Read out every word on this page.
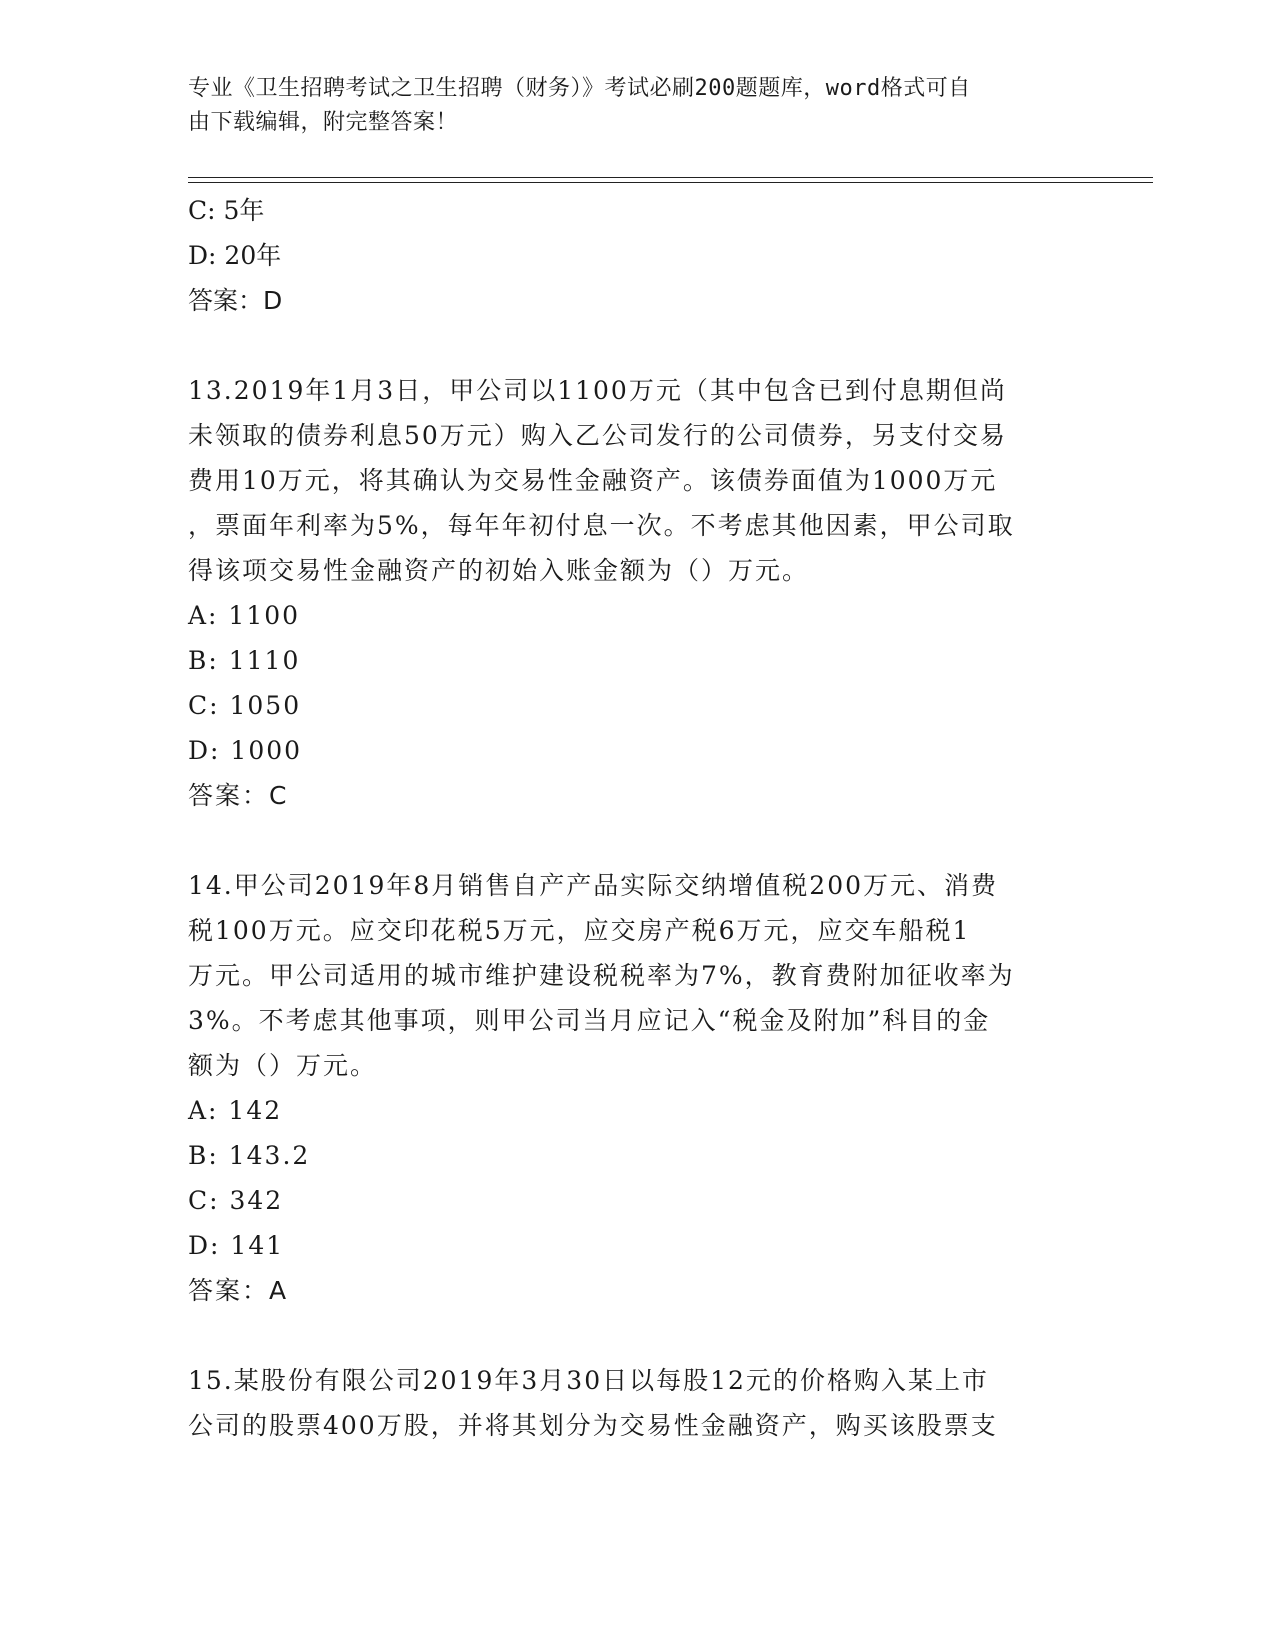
专业《卫生招聘考试之卫生招聘（财务）》考试必刷200题题库，word格式可自
由下载编辑，附完整答案！
C: 5年
D: 20年
答案：D
13.2019年1月3日，甲公司以1100万元（其中包含已到付息期但尚
未领取的债券利息50万元）购入乙公司发行的公司债券，另支付交易
费用10万元，将其确认为交易性金融资产。该债券面值为1000万元
，票面年利率为5%，每年年初付息一次。不考虑其他因素，甲公司取
得该项交易性金融资产的初始入账金额为（）万元。
A: 1100
B: 1110
C: 1050
D: 1000
答案：C
14.甲公司2019年8月销售自产产品实际交纳增值税200万元、消费
税100万元。应交印花税5万元，应交房产税6万元，应交车船税1
万元。甲公司适用的城市维护建设税税率为7%，教育费附加征收率为
3%。不考虑其他事项，则甲公司当月应记入“税金及附加”科目的金
额为（）万元。
A: 142
B: 143.2
C: 342
D: 141
答案：A
15.某股份有限公司2019年3月30日以每股12元的价格购入某上市
公司的股票400万股，并将其划分为交易性金融资产，购买该股票支
